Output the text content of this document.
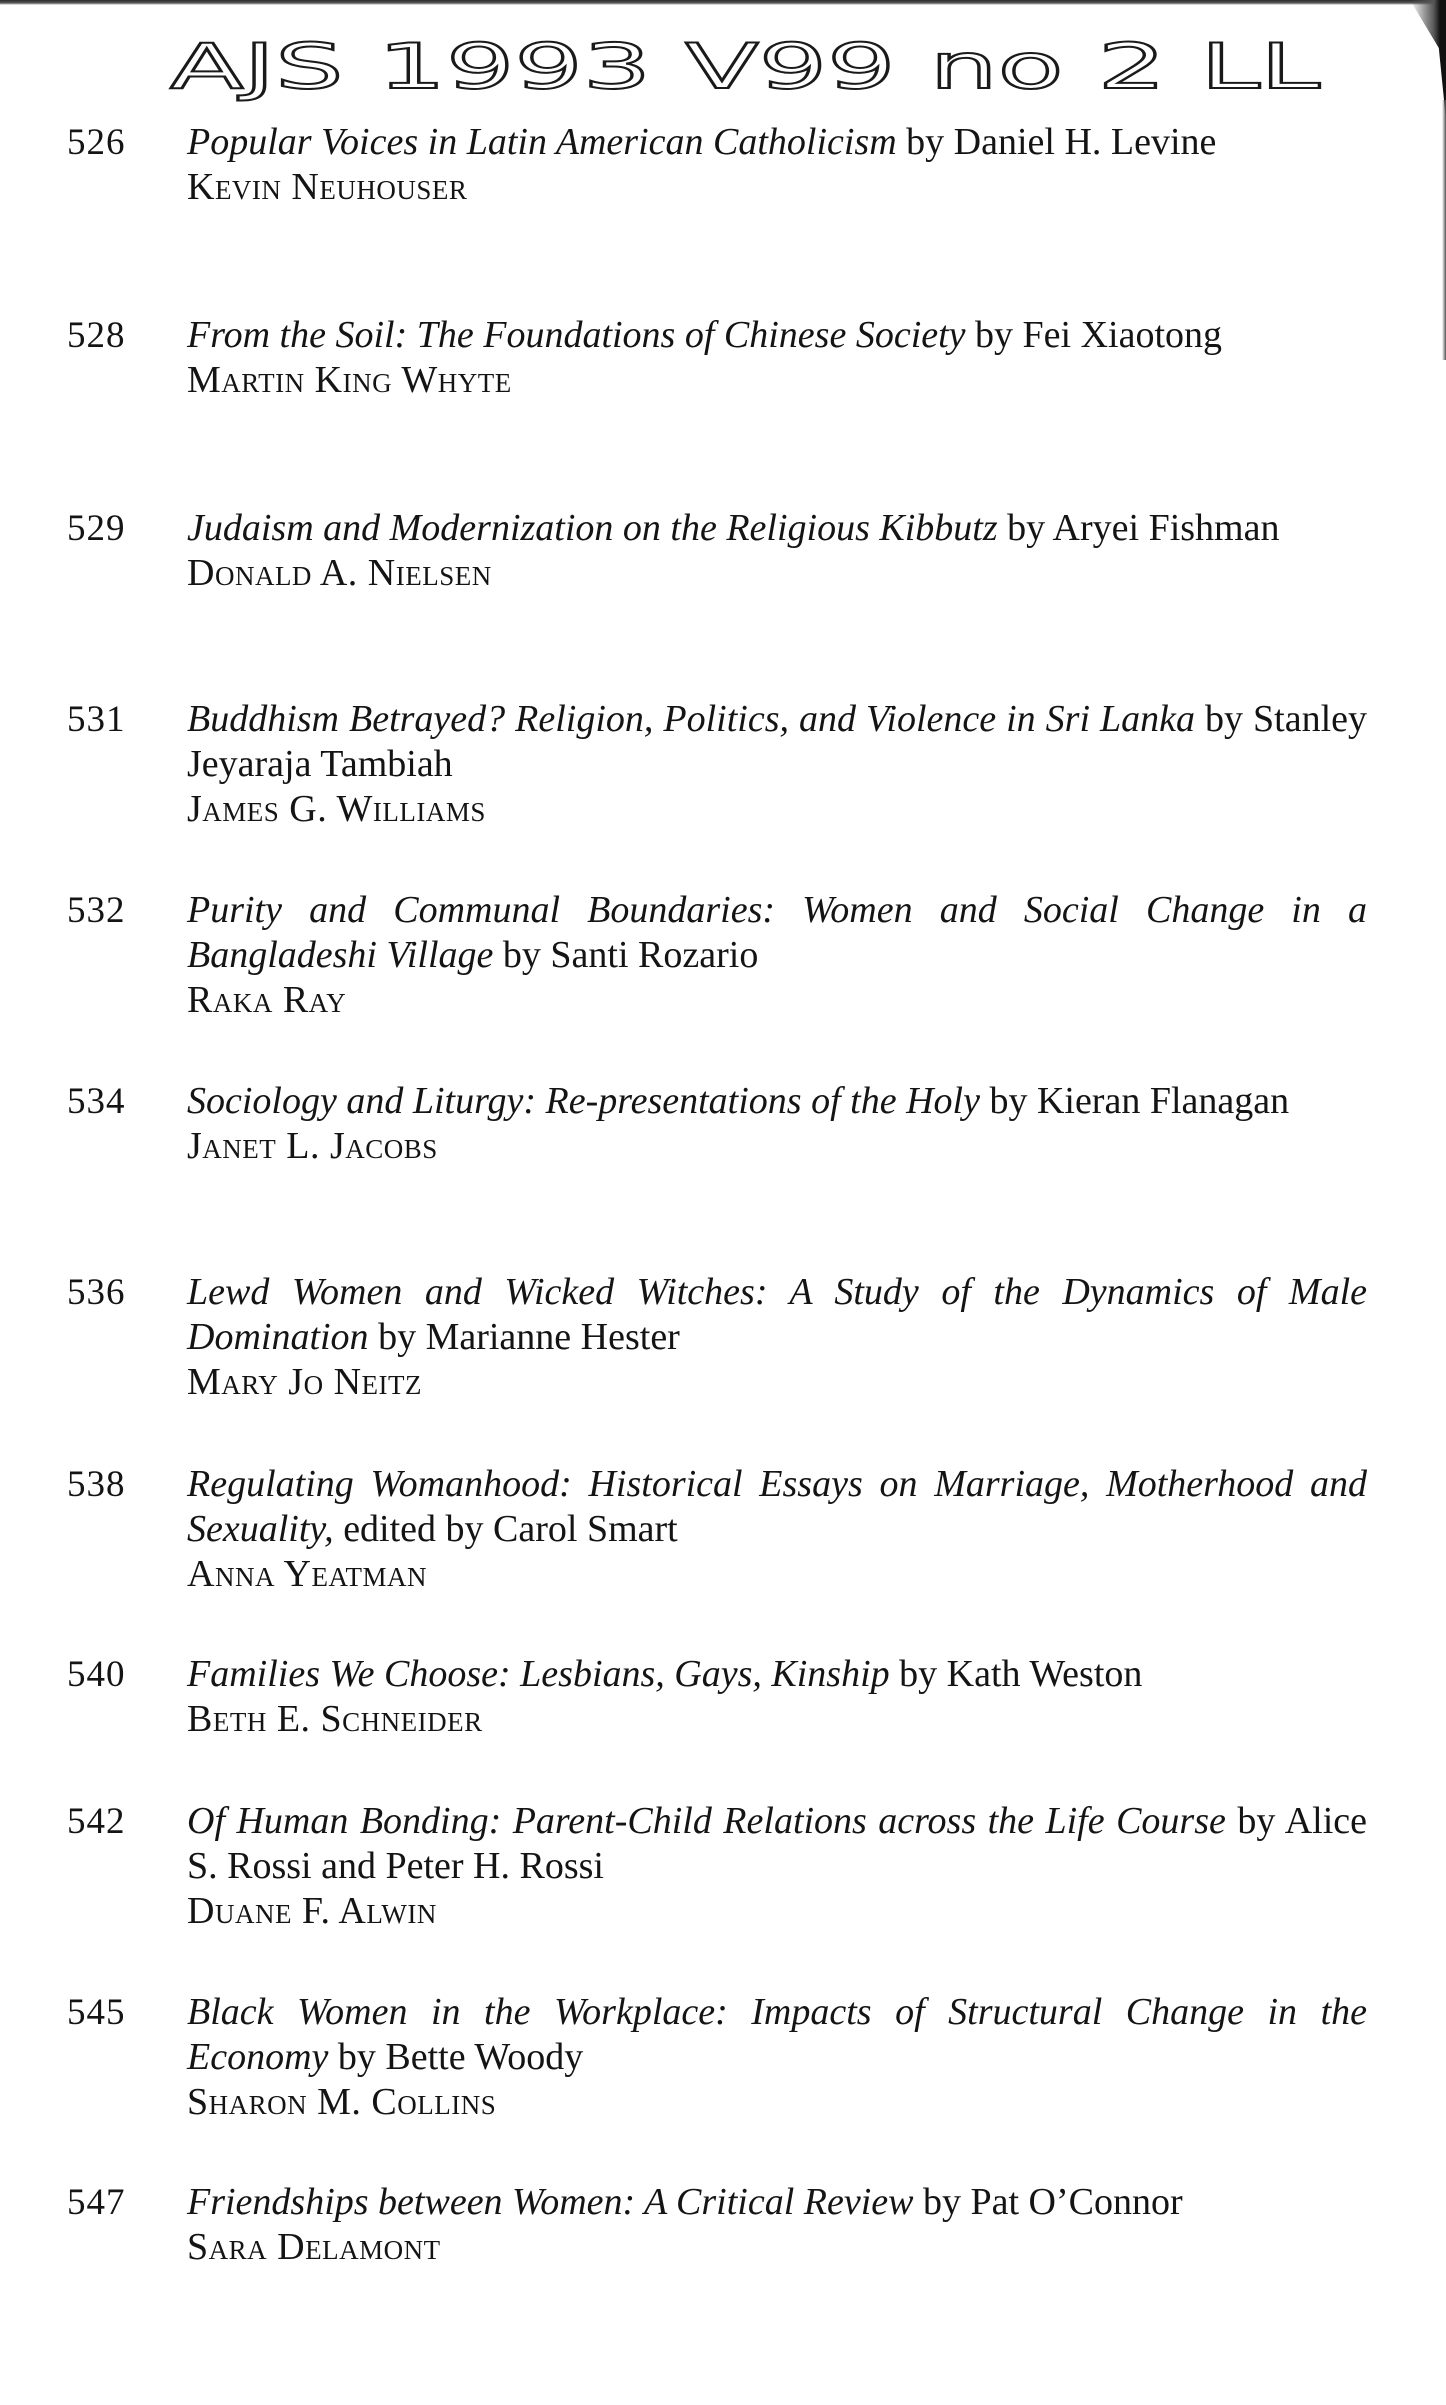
AJS 1993 V99 no 2 LL
526	Popular Voices in Latin American Catholicism by Daniel H. Levine
Kevin Neuhouser
528	From the Soil: The Foundations of Chinese Society by Fei Xiaotong
Martin King Whyte
529	Judaism and Modernization on the Religious Kibbutz by Aryei Fishman
Donald A. Nielsen
531	Buddhism Betrayed? Religion, Politics, and Violence in Sri Lanka by Stanley Jeyaraja Tambiah
James G. Williams
532	Purity and Communal Boundaries: Women and Social Change in a Bangladeshi Village by Santi Rozario
Raka Ray
534	Sociology and Liturgy: Re-presentations of the Holy by Kieran Flanagan
Janet L. Jacobs
536	Lewd Women and Wicked Witches: A Study of the Dynamics of Male Domination by Marianne Hester
Mary Jo Neitz
538	Regulating Womanhood: Historical Essays on Marriage, Motherhood and Sexuality, edited by Carol Smart
Anna Yeatman
540	Families We Choose: Lesbians, Gays, Kinship by Kath Weston
Beth E. Schneider
542	Of Human Bonding: Parent-Child Relations across the Life Course by Alice S. Rossi and Peter H. Rossi
Duane F. Alwin
545	Black Women in the Workplace: Impacts of Structural Change in the Economy by Bette Woody
Sharon M. Collins
547	Friendships between Women: A Critical Review by Pat O’Connor
Sara Delamont
